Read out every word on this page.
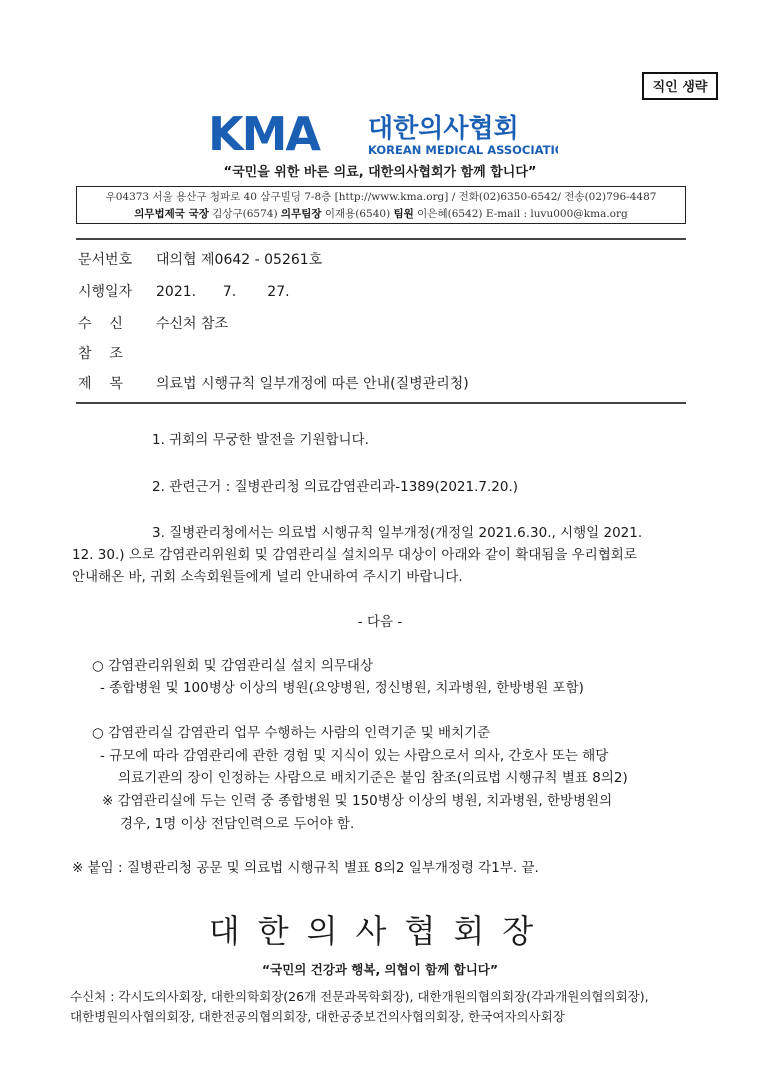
직인 생략
KMA 대한의사협회
KOREAN MEDICAL ASSOCIATION
“국민을 위한 바른 의료, 대한의사협회가 함께 합니다”
우04373 서울 용산구 청파로 40 삼구빌딩 7-8층 [http://www.kma.org] / 전화(02)6350-6542/ 전송(02)796-4487
의무법제국 국장 김상구(6574) 의무팀장 이재용(6540) 팀원 이은혜(6542) E-mail : luvu000@kma.org
문서번호 대의협 제0642 - 05261호
시행일자 2021.      7.       27.
수    신 수신처 참조
참    조
제    목 의료법 시행규칙 일부개정에 따른 안내(질병관리청)
1. 귀회의 무궁한 발전을 기원합니다.
2. 관련근거 : 질병관리청 의료감염관리과-1389(2021.7.20.)
3. 질병관리청에서는 의료법 시행규칙 일부개정(개정일 2021.6.30., 시행일 2021.
12. 30.) 으로 감염관리위원회 및 감염관리실 설치의무 대상이 아래와 같이 확대됨을 우리협회로
안내해온 바, 귀회 소속회원들에게 널리 안내하여 주시기 바랍니다.
- 다음 -
○ 감염관리위원회 및 감염관리실 설치 의무대상
- 종합병원 및 100병상 이상의 병원(요양병원, 정신병원, 치과병원, 한방병원 포함)
○ 감염관리실 감염관리 업무 수행하는 사람의 인력기준 및 배치기준
- 규모에 따라 감염관리에 관한 경험 및 지식이 있는 사람으로서 의사, 간호사 또는 해당
의료기관의 장이 인정하는 사람으로 배치기준은 붙임 참조(의료법 시행규칙 별표 8의2)
※ 감염관리실에 두는 인력 중 종합병원 및 150병상 이상의 병원, 치과병원, 한방병원의
경우, 1명 이상 전담인력으로 두어야 함.
※ 붙임 : 질병관리청 공문 및 의료법 시행규칙 별표 8의2 일부개정령 각1부. 끝.
대한의사협회장
“국민의 건강과 행복, 의협이 함께 합니다”
수신처 : 각시도의사회장, 대한의학회장(26개 전문과목학회장), 대한개원의협의회장(각과개원의협의회장),
대한병원의사협의회장, 대한전공의협의회장, 대한공중보건의사협의회장, 한국여자의사회장
